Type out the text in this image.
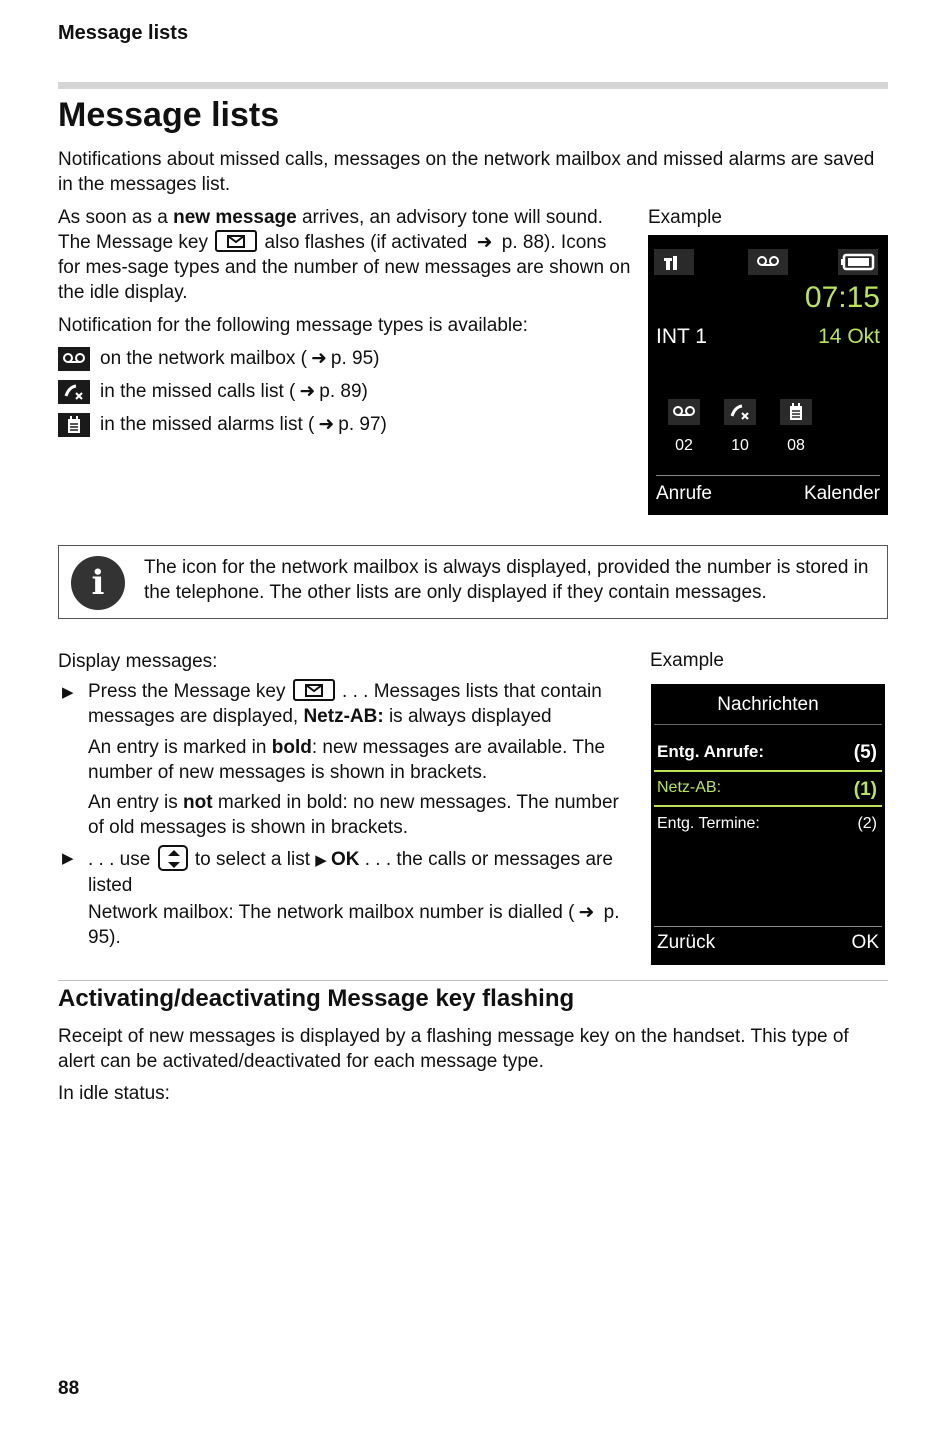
Message lists
Message lists
Notifications about missed calls, messages on the network mailbox and missed alarms are saved in the messages list.
As soon as a new message arrives, an advisory tone will sound. The Message key
also flashes (if activated ➜ p. 88). Icons for mes-sage types and the number of new messages are shown on the idle display.
Notification for the following message types is available:
on the network mailbox ( ➜ p. 95)
in the missed calls list ( ➜ p. 89)
in the missed alarms list ( ➜ p. 97)
Example
07:15
INT 1	14 Okt
02	10	08
Anrufe	Kalender
i	The icon for the network mailbox is always displayed, provided the number is stored in the telephone. The other lists are only displayed if they contain messages.
Display messages:
▶ Press the Message key
. . . Messages lists that contain messages are displayed, Netz-AB: is always displayed
An entry is marked in bold: new messages are available. The number of new messages is shown in brackets.
An entry is not marked in bold: no new messages. The number of old messages is shown in brackets.
▶ . . . use
to select a list ▶ OK . . . the calls or messages are listed
Network mailbox: The network mailbox number is dialled ( ➜ p. 95).
Example
Nachrichten
Entg. Anrufe:	(5)
Netz-AB:	(1)
Entg. Termine:	(2)
Zurück	OK
Activating/deactivating Message key flashing
Receipt of new messages is displayed by a flashing message key on the handset. This type of alert can be activated/deactivated for each message type.
In idle status:
88
